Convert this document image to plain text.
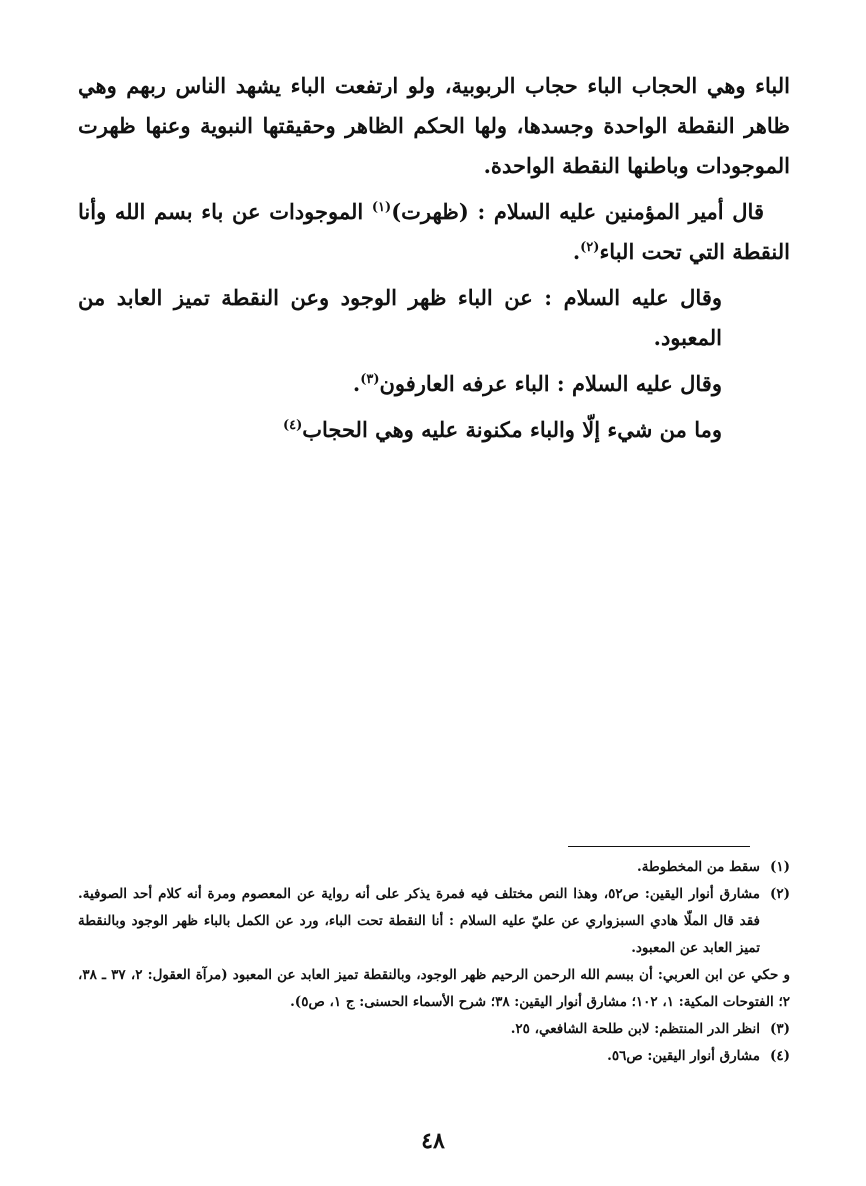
الباء وهي الحجاب الباء حجاب الربوبية، ولو ارتفعت الباء يشهد الناس ربهم وهي ظاهر النقطة الواحدة وجسدها، ولها الحكم الظاهر وحقيقتها النبوية وعنها ظهرت الموجودات وباطنها النقطة الواحدة.

قال أمير المؤمنين عليه السلام : (ظهرت)$^{(١)}$ الموجودات عن باء بسم الله وأنا النقطة التي تحت الباء$^{(٢)}$.

وقال عليه السلام : عن الباء ظهر الوجود وعن النقطة تميز العابد من المعبود.

وقال عليه السلام : الباء عرفه العارفون$^{(٣)}$.

وما من شيء إلّا والباء مكنونة عليه وهي الحجاب$^{(٤)}$

(١)سقط من المخطوطة.

(٢)مشارق أنوار اليقين: ص٥٢، وهذا النص مختلف فيه فمرة يذكر على أنه رواية عن المعصوم ومرة أنه كلام أحد الصوفية. فقد قال الملّا هادي السبزواري عن عليّ عليه السلام : أنا النقطة تحت الباء، ورد عن الكمل بالباء ظهر الوجود وبالنقطة تميز العابد عن المعبود.

و حكي عن ابن العربي: أن ببسم الله الرحمن الرحيم ظهر الوجود، وبالنقطة تميز العابد عن المعبود (مرآة العقول: ٢، ٣٧ ـ ٣٨، ٢؛ الفتوحات المكية: ١، ١٠٢؛ مشارق أنوار اليقين: ٣٨؛ شرح الأسماء الحسنى: ج ١، ص٥).

(٣)انظر الدر المنتظم: لابن طلحة الشافعي، ٢٥.

(٤)مشارق أنوار اليقين: ص٥٦.

٤٨
